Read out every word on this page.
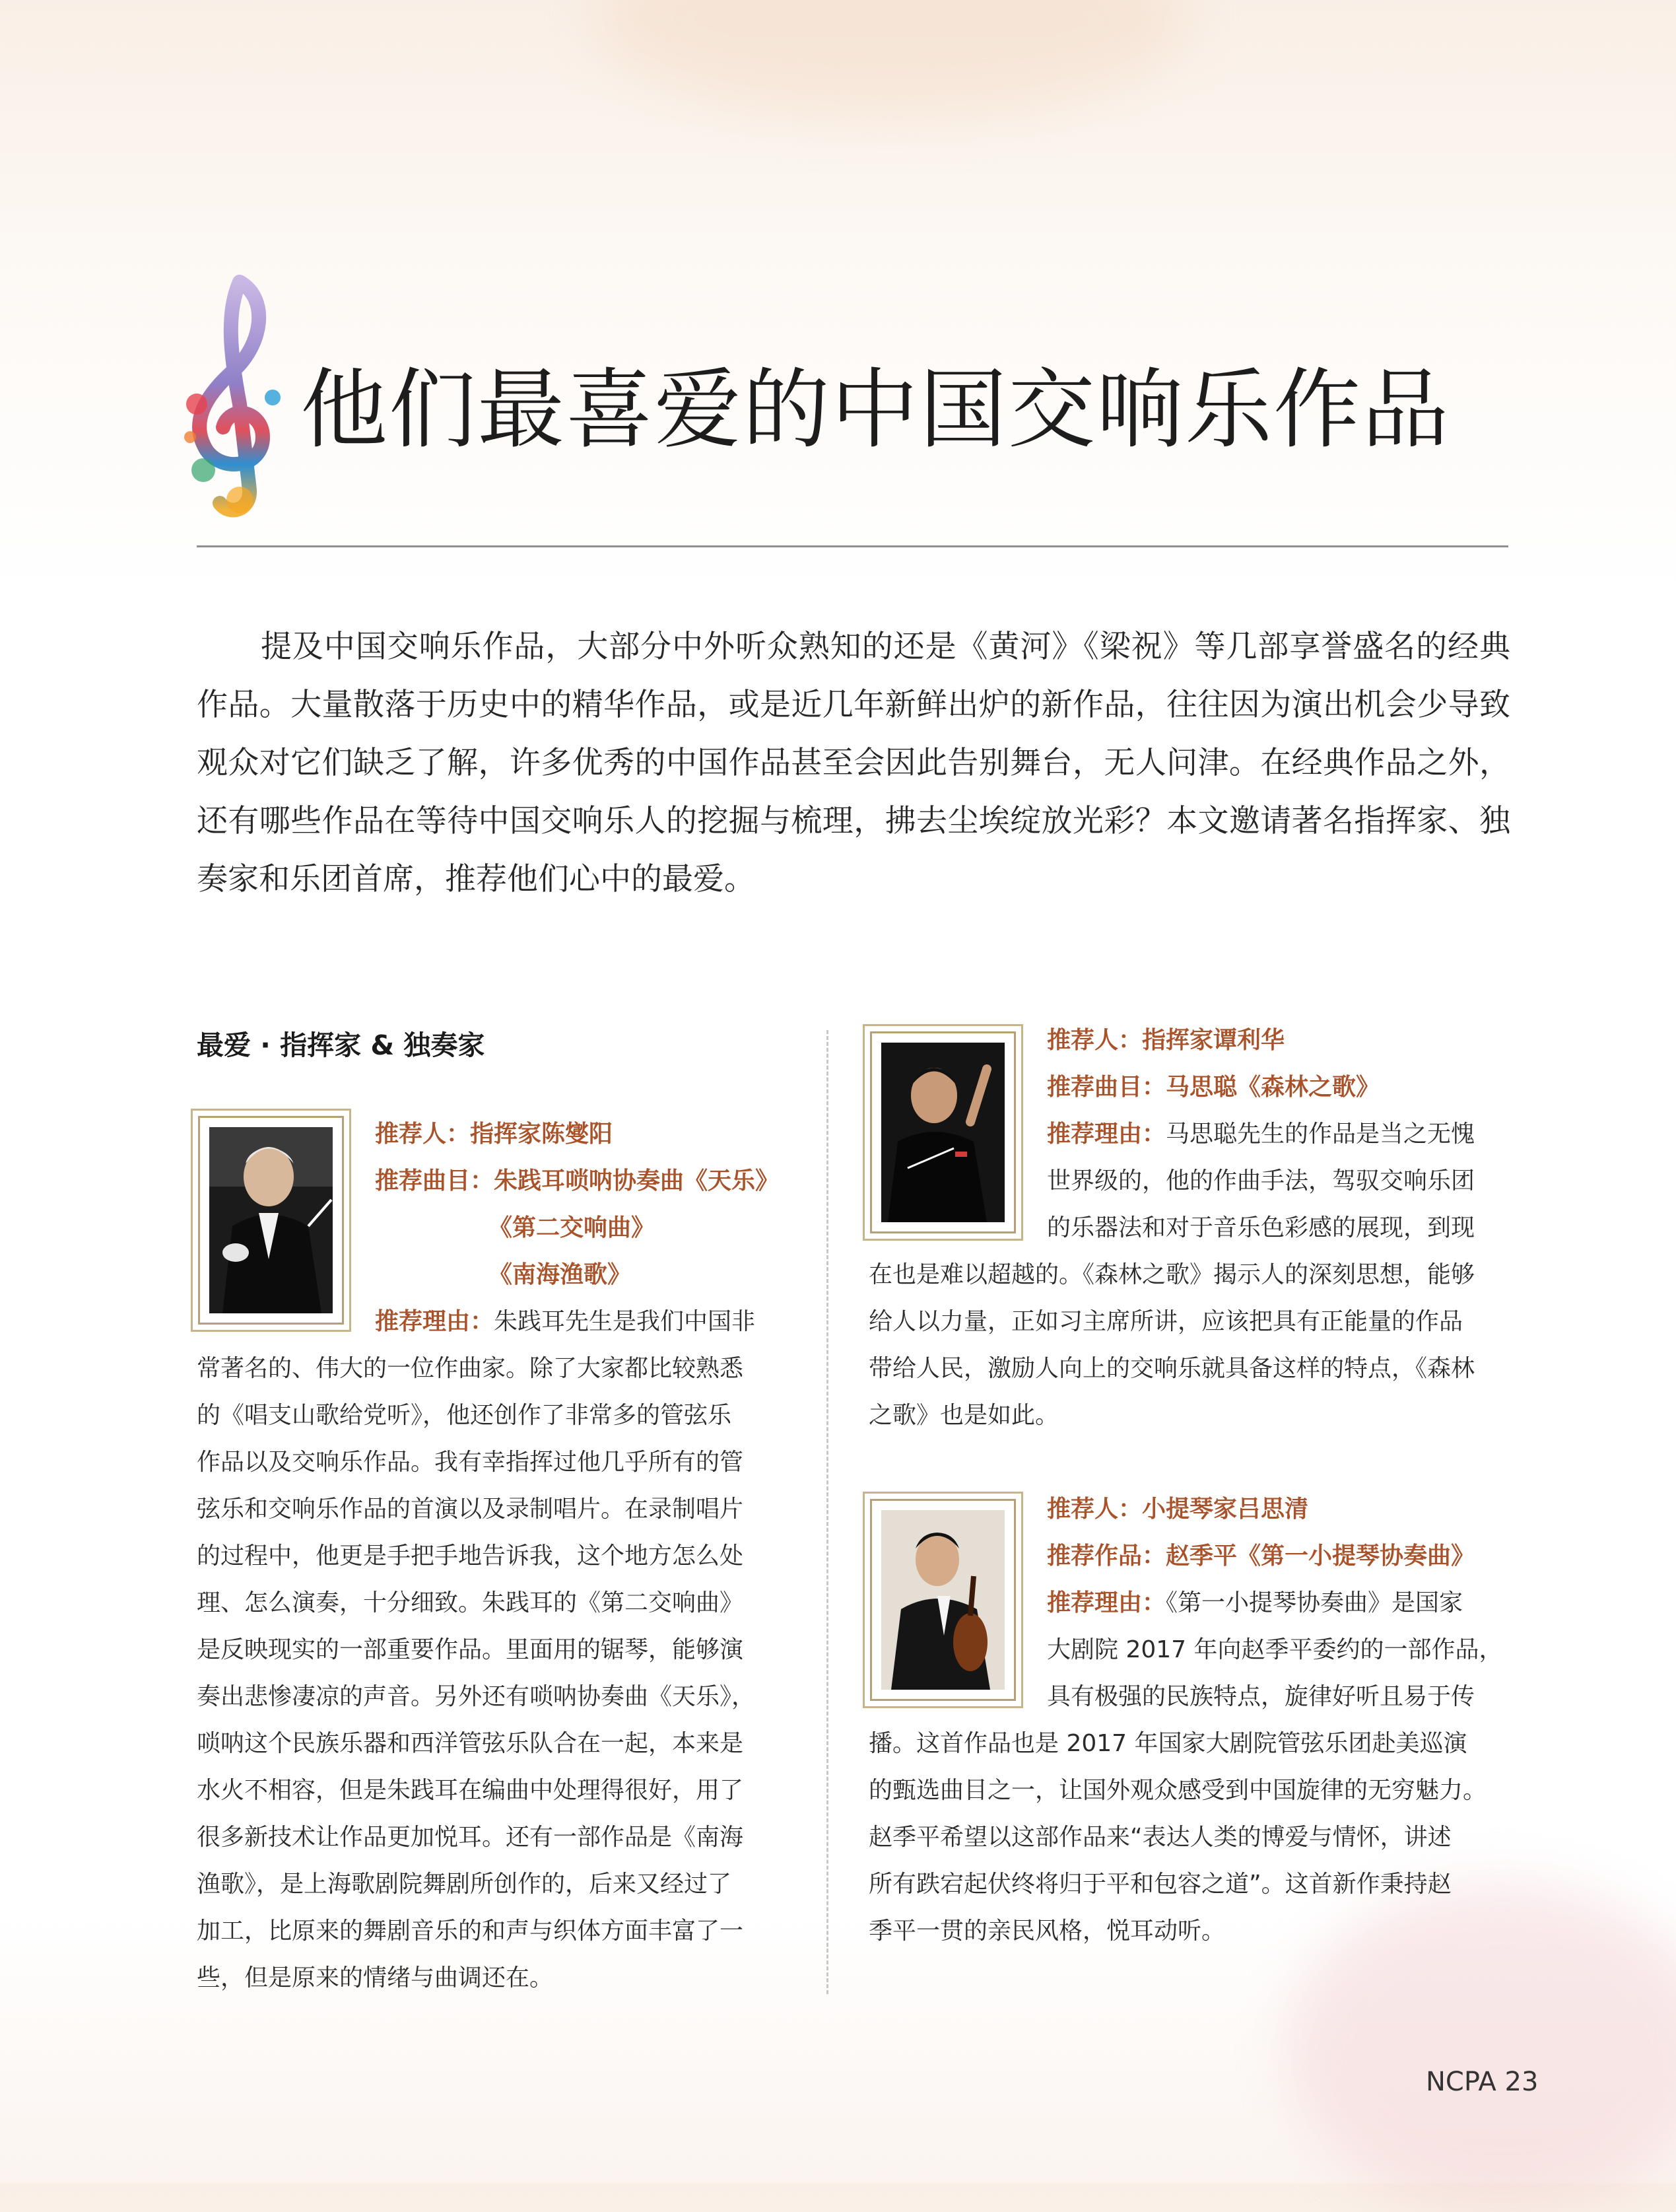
他们最喜爱的中国交响乐作品

提及中国交响乐作品，大部分中外听众熟知的还是《黄河》《梁祝》等几部享誉盛名的经典作品。大量散落于历史中的精华作品，或是近几年新鲜出炉的新作品，往往因为演出机会少导致观众对它们缺乏了解，许多优秀的中国作品甚至会因此告别舞台，无人问津。在经典作品之外，还有哪些作品在等待中国交响乐人的挖掘与梳理，拂去尘埃绽放光彩？本文邀请著名指挥家、独奏家和乐团首席，推荐他们心中的最爱。

最爱 · 指挥家 & 独奏家

推荐人：指挥家陈燮阳

推荐曲目：朱践耳唢呐协奏曲《天乐》

《第二交响曲》

《南海渔歌》

推荐理由：朱践耳先生是我们中国非

常著名的、伟大的一位作曲家。除了大家都比较熟悉
的《唱支山歌给党听》，他还创作了非常多的管弦乐
作品以及交响乐作品。我有幸指挥过他几乎所有的管
弦乐和交响乐作品的首演以及录制唱片。在录制唱片
的过程中，他更是手把手地告诉我，这个地方怎么处
理、怎么演奏，十分细致。朱践耳的《第二交响曲》
是反映现实的一部重要作品。里面用的锯琴，能够演
奏出悲惨凄凉的声音。另外还有唢呐协奏曲《天乐》，
唢呐这个民族乐器和西洋管弦乐队合在一起，本来是
水火不相容，但是朱践耳在编曲中处理得很好，用了
很多新技术让作品更加悦耳。还有一部作品是《南海
渔歌》，是上海歌剧院舞剧所创作的，后来又经过了
加工，比原来的舞剧音乐的和声与织体方面丰富了一
些，但是原来的情绪与曲调还在。

推荐人：指挥家谭利华

推荐曲目：马思聪《森林之歌》

推荐理由：马思聪先生的作品是当之无愧

世界级的，他的作曲手法，驾驭交响乐团
的乐器法和对于音乐色彩感的展现，到现
在也是难以超越的。《森林之歌》揭示人的深刻思想，能够
给人以力量，正如习主席所讲，应该把具有正能量的作品
带给人民，激励人向上的交响乐就具备这样的特点，《森林
之歌》也是如此。

推荐人：小提琴家吕思清

推荐作品：赵季平《第一小提琴协奏曲》

推荐理由：《第一小提琴协奏曲》是国家

大剧院 2017 年向赵季平委约的一部作品，
具有极强的民族特点，旋律好听且易于传
播。这首作品也是 2017 年国家大剧院管弦乐团赴美巡演
的甄选曲目之一，让国外观众感受到中国旋律的无穷魅力。
赵季平希望以这部作品来“表达人类的博爱与情怀，讲述
所有跌宕起伏终将归于平和包容之道”。这首新作秉持赵
季平一贯的亲民风格，悦耳动听。
NCPA 23
